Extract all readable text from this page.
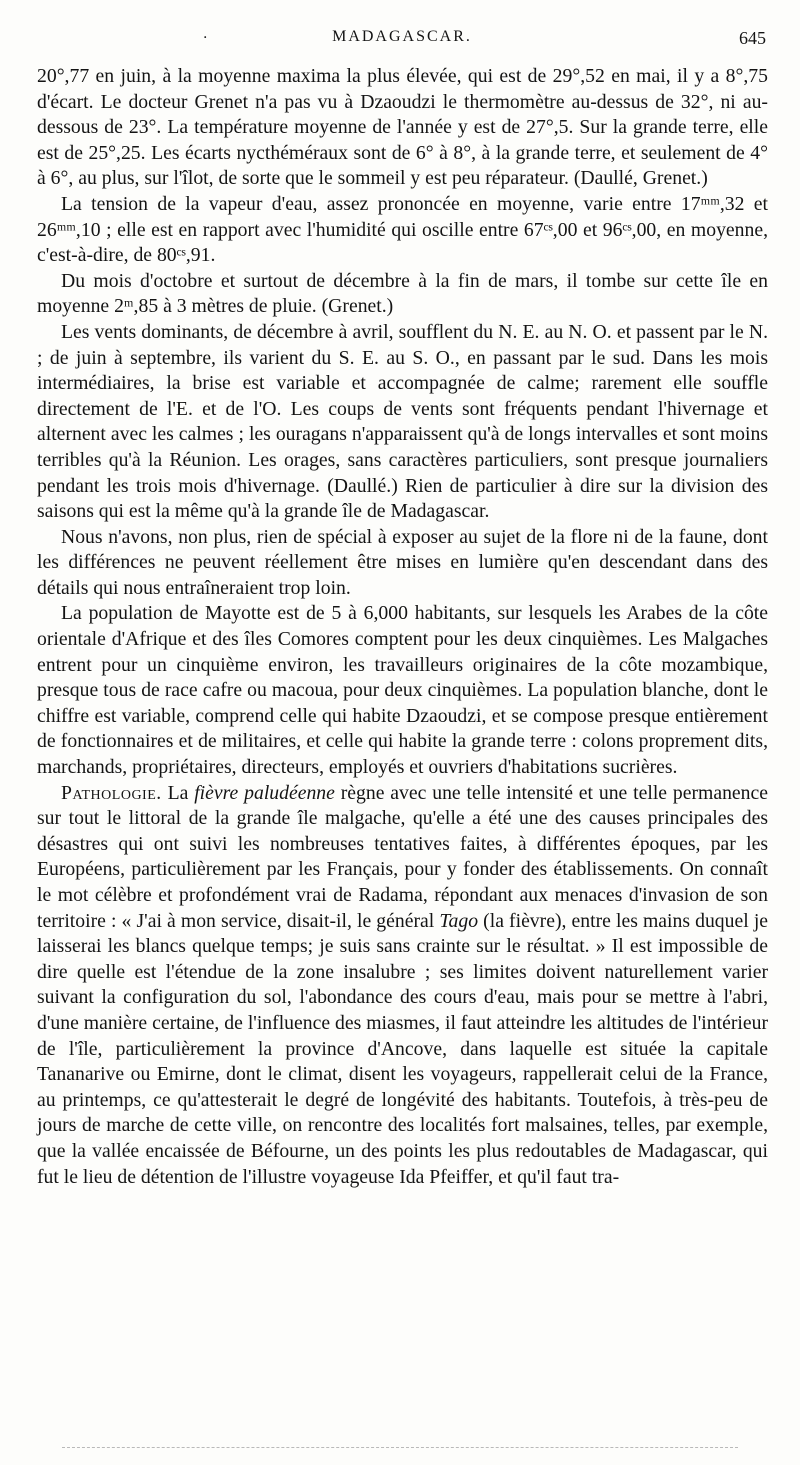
·	MADAGASCAR.	645

20°,77 en juin, à la moyenne maxima la plus élevée, qui est de 29°,52 en mai, il y a 8°,75 d'écart. Le docteur Grenet n'a pas vu à Dzaoudzi le thermomètre au-dessus de 32°, ni au-dessous de 23°. La température moyenne de l'année y est de 27°,5. Sur la grande terre, elle est de 25°,25. Les écarts nycthéméraux sont de 6° à 8°, à la grande terre, et seulement de 4° à 6°, au plus, sur l'îlot, de sorte que le sommeil y est peu réparateur. (Daullé, Grenet.)

La tension de la vapeur d'eau, assez prononcée en moyenne, varie entre 17ᵐᵐ,32 et 26ᵐᵐ,10 ; elle est en rapport avec l'humidité qui oscille entre 67ᶜˢ,00 et 96ᶜˢ,00, en moyenne, c'est-à-dire, de 80ᶜˢ,91.

Du mois d'octobre et surtout de décembre à la fin de mars, il tombe sur cette île en moyenne 2ᵐ,85 à 3 mètres de pluie. (Grenet.)

Les vents dominants, de décembre à avril, soufflent du N. E. au N. O. et passent par le N. ; de juin à septembre, ils varient du S. E. au S. O., en passant par le sud. Dans les mois intermédiaires, la brise est variable et accompagnée de calme; rarement elle souffle directement de l'E. et de l'O. Les coups de vents sont fréquents pendant l'hivernage et alternent avec les calmes ; les ouragans n'apparaissent qu'à de longs intervalles et sont moins terribles qu'à la Réunion. Les orages, sans caractères particuliers, sont presque journaliers pendant les trois mois d'hivernage. (Daullé.) Rien de particulier à dire sur la division des saisons qui est la même qu'à la grande île de Madagascar.

Nous n'avons, non plus, rien de spécial à exposer au sujet de la flore ni de la faune, dont les différences ne peuvent réellement être mises en lumière qu'en descendant dans des détails qui nous entraîneraient trop loin.

La population de Mayotte est de 5 à 6,000 habitants, sur lesquels les Arabes de la côte orientale d'Afrique et des îles Comores comptent pour les deux cinquièmes. Les Malgaches entrent pour un cinquième environ, les travailleurs originaires de la côte mozambique, presque tous de race cafre ou macoua, pour deux cinquièmes. La population blanche, dont le chiffre est variable, comprend celle qui habite Dzaoudzi, et se compose presque entièrement de fonctionnaires et de militaires, et celle qui habite la grande terre : colons proprement dits, marchands, propriétaires, directeurs, employés et ouvriers d'habitations sucrières.

Pathologie. La fièvre paludéenne règne avec une telle intensité et une telle permanence sur tout le littoral de la grande île malgache, qu'elle a été une des causes principales des désastres qui ont suivi les nombreuses tentatives faites, à différentes époques, par les Européens, particulièrement par les Français, pour y fonder des établissements. On connaît le mot célèbre et profondément vrai de Radama, répondant aux menaces d'invasion de son territoire : « J'ai à mon service, disait-il, le général Tago (la fièvre), entre les mains duquel je laisserai les blancs quelque temps; je suis sans crainte sur le résultat. » Il est impossible de dire quelle est l'étendue de la zone insalubre ; ses limites doivent naturellement varier suivant la configuration du sol, l'abondance des cours d'eau, mais pour se mettre à l'abri, d'une manière certaine, de l'influence des miasmes, il faut atteindre les altitudes de l'intérieur de l'île, particulièrement la province d'Ancove, dans laquelle est située la capitale Tananarive ou Emirne, dont le climat, disent les voyageurs, rappellerait celui de la France, au printemps, ce qu'attesterait le degré de longévité des habitants. Toutefois, à très-peu de jours de marche de cette ville, on rencontre des localités fort malsaines, telles, par exemple, que la vallée encaissée de Béfourne, un des points les plus redoutables de Madagascar, qui fut le lieu de détention de l'illustre voyageuse Ida Pfeiffer, et qu'il faut tra-
